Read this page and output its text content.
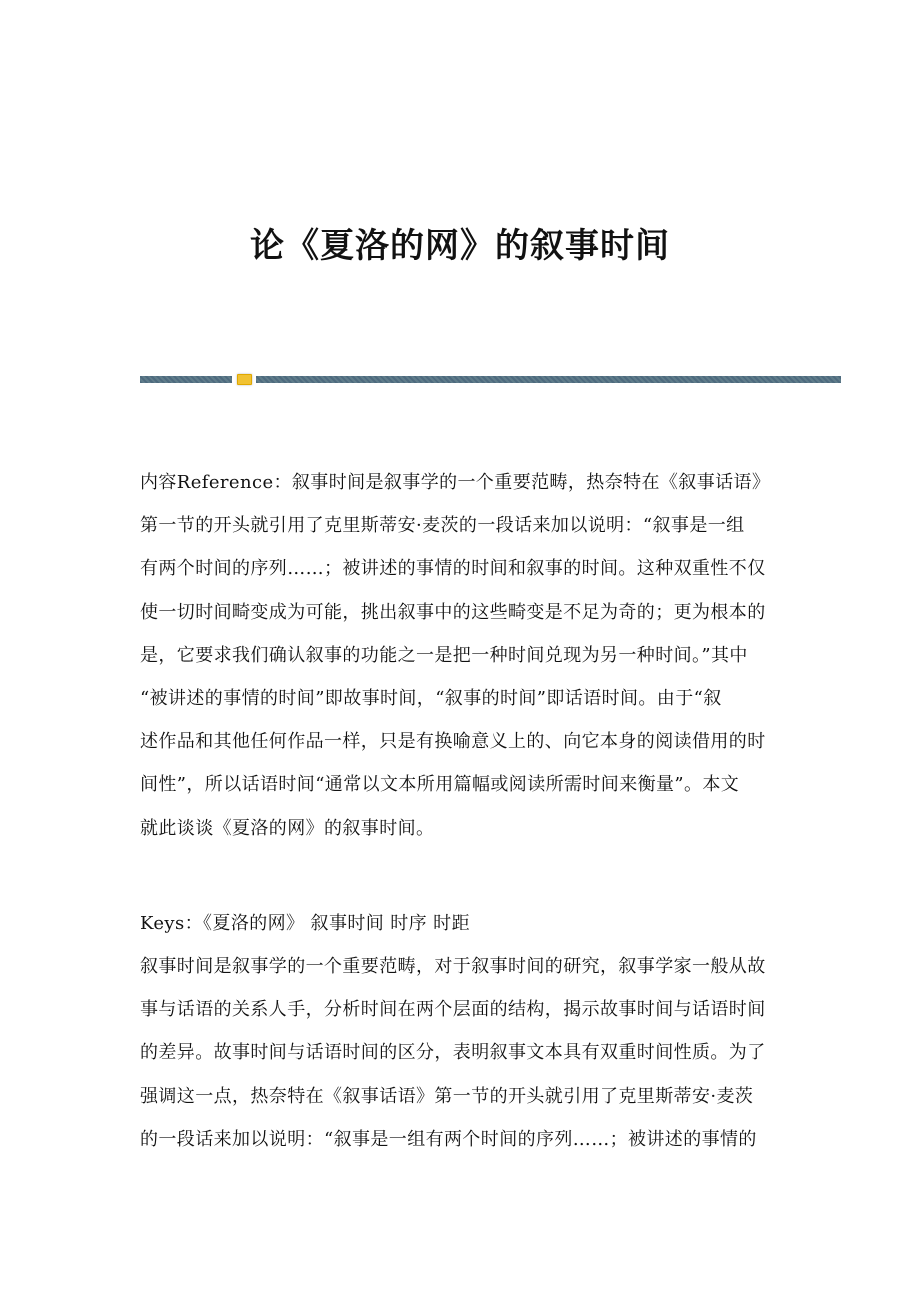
论《夏洛的网》的叙事时间
内容Reference：叙事时间是叙事学的一个重要范畴，热奈特在《叙事话语》
第一节的开头就引用了克里斯蒂安·麦茨的一段话来加以说明：“叙事是一组
有两个时间的序列……；被讲述的事情的时间和叙事的时间。这种双重性不仅
使一切时间畸变成为可能，挑出叙事中的这些畸变是不足为奇的；更为根本的
是，它要求我们确认叙事的功能之一是把一种时间兑现为另一种时间。”其中
“被讲述的事情的时间”即故事时间，“叙事的时间”即话语时间。由于“叙
述作品和其他任何作品一样，只是有换喻意义上的、向它本身的阅读借用的时
间性”，所以话语时间“通常以文本所用篇幅或阅读所需时间来衡量”。本文
就此谈谈《夏洛的网》的叙事时间。
Keys：《夏洛的网》 叙事时间 时序 时距
叙事时间是叙事学的一个重要范畴，对于叙事时间的研究，叙事学家一般从故
事与话语的关系人手，分析时间在两个层面的结构，揭示故事时间与话语时间
的差异。故事时间与话语时间的区分，表明叙事文本具有双重时间性质。为了
强调这一点，热奈特在《叙事话语》第一节的开头就引用了克里斯蒂安·麦茨
的一段话来加以说明：“叙事是一组有两个时间的序列……；被讲述的事情的
